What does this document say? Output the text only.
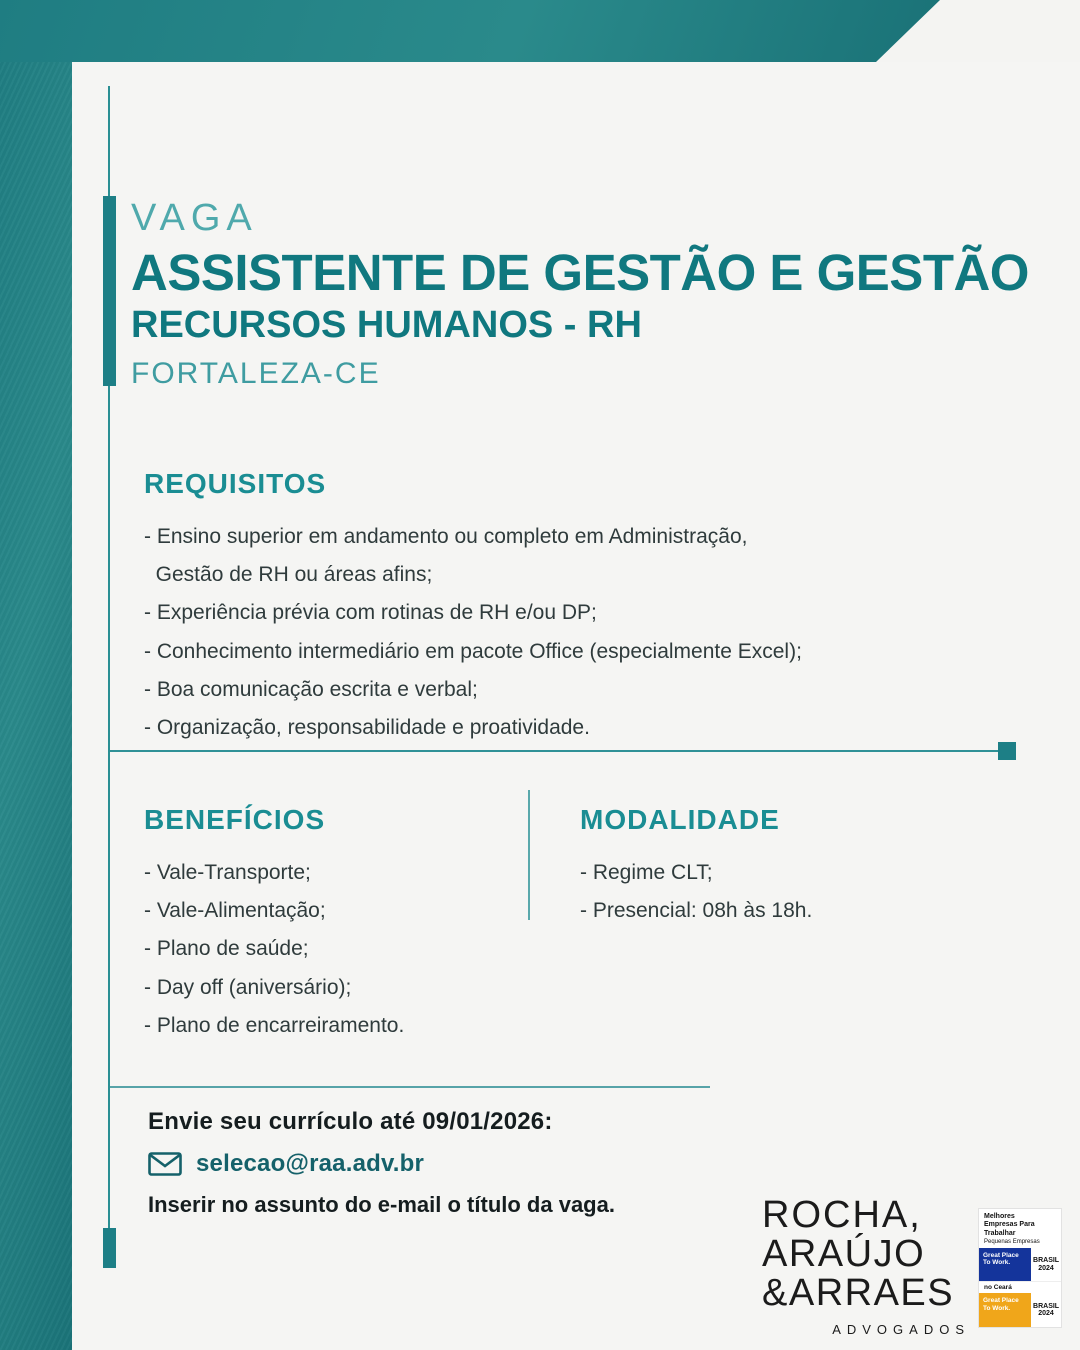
VAGA
ASSISTENTE DE GESTÃO E GESTÃO
RECURSOS HUMANOS - RH
FORTALEZA-CE
REQUISITOS
- Ensino superior em andamento ou completo em Administração,
Gestão de RH ou áreas afins;
- Experiência prévia com rotinas de RH e/ou DP;
- Conhecimento intermediário em pacote Office (especialmente Excel);
- Boa comunicação escrita e verbal;
- Organização, responsabilidade e proatividade.
BENEFÍCIOS
- Vale-Transporte;
- Vale-Alimentação;
- Plano de saúde;
- Day off (aniversário);
- Plano de encarreiramento.
MODALIDADE
- Regime CLT;
- Presencial: 08h às 18h.
Envie seu currículo até 09/01/2026:
selecao@raa.adv.br
Inserir no assunto do e-mail o título da vaga.	ROCHA,
ARAÚJO
&ARRAES
ADVOGADOS
Melhores
Empresas Para
Trabalhar
Pequenas Empresas
Great Place To Work.	BRASIL 2024
no Ceará
Great Place To Work.	BRASIL 2024
